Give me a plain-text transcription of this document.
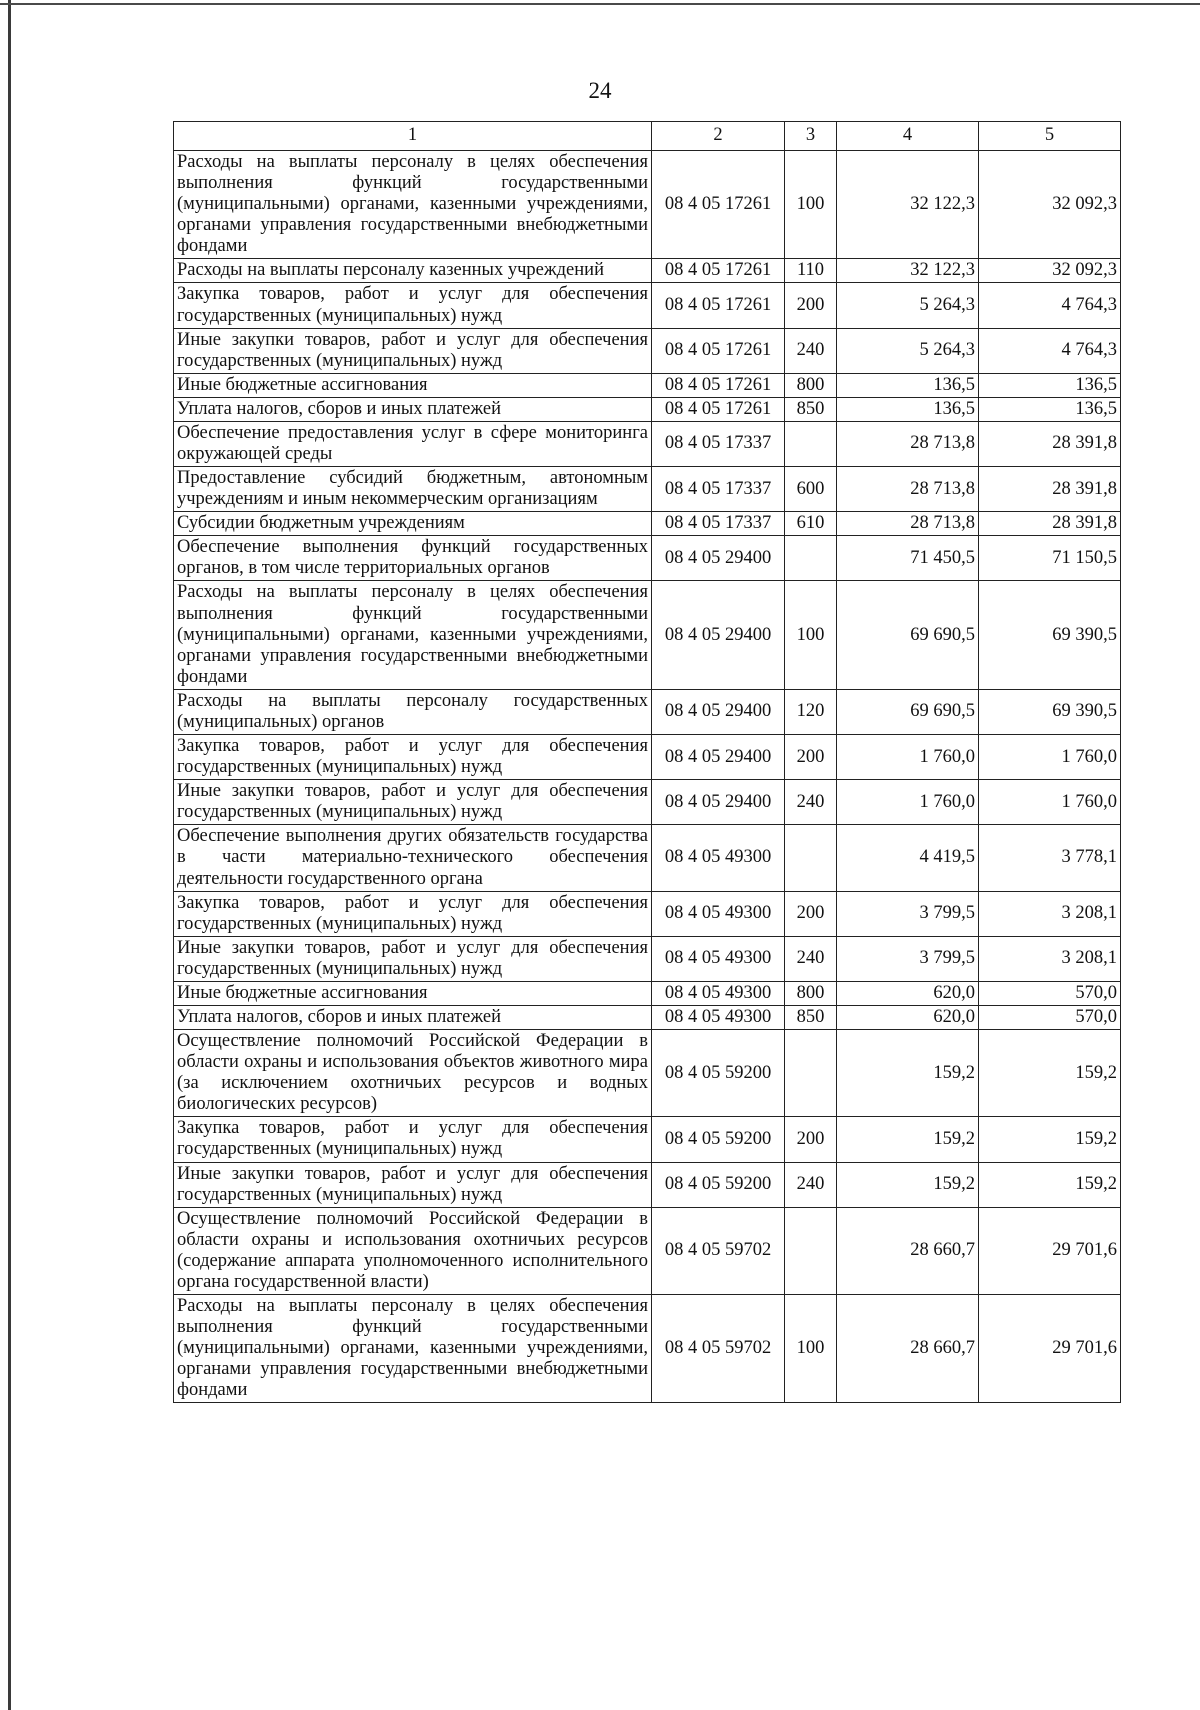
24
1	2	3	4	5
Расходы на выплаты персоналу в целях обеспечения выполнения функций государственными (муниципальными) органами, казенными учреждениями, органами управления государственными внебюджетными фондами	08 4 05 17261	100	32 122,3	32 092,3
Расходы на выплаты персоналу казенных учреждений	08 4 05 17261	110	32 122,3	32 092,3
Закупка товаров, работ и услуг для обеспечения государственных (муниципальных) нужд	08 4 05 17261	200	5 264,3	4 764,3
Иные закупки товаров, работ и услуг для обеспечения государственных (муниципальных) нужд	08 4 05 17261	240	5 264,3	4 764,3
Иные бюджетные ассигнования	08 4 05 17261	800	136,5	136,5
Уплата налогов, сборов и иных платежей	08 4 05 17261	850	136,5	136,5
Обеспечение предоставления услуг в сфере мониторинга окружающей среды	08 4 05 17337		28 713,8	28 391,8
Предоставление субсидий бюджетным, автономным учреждениям и иным некоммерческим организациям	08 4 05 17337	600	28 713,8	28 391,8
Субсидии бюджетным учреждениям	08 4 05 17337	610	28 713,8	28 391,8
Обеспечение выполнения функций государственных органов, в том числе территориальных органов	08 4 05 29400		71 450,5	71 150,5
Расходы на выплаты персоналу в целях обеспечения выполнения функций государственными (муниципальными) органами, казенными учреждениями, органами управления государственными внебюджетными фондами	08 4 05 29400	100	69 690,5	69 390,5
Расходы на выплаты персоналу государственных (муниципальных) органов	08 4 05 29400	120	69 690,5	69 390,5
Закупка товаров, работ и услуг для обеспечения государственных (муниципальных) нужд	08 4 05 29400	200	1 760,0	1 760,0
Иные закупки товаров, работ и услуг для обеспечения государственных (муниципальных) нужд	08 4 05 29400	240	1 760,0	1 760,0
Обеспечение выполнения других обязательств государства в части материально-технического обеспечения деятельности государственного органа	08 4 05 49300		4 419,5	3 778,1
Закупка товаров, работ и услуг для обеспечения государственных (муниципальных) нужд	08 4 05 49300	200	3 799,5	3 208,1
Иные закупки товаров, работ и услуг для обеспечения государственных (муниципальных) нужд	08 4 05 49300	240	3 799,5	3 208,1
Иные бюджетные ассигнования	08 4 05 49300	800	620,0	570,0
Уплата налогов, сборов и иных платежей	08 4 05 49300	850	620,0	570,0
Осуществление полномочий Российской Федерации в области охраны и использования объектов животного мира (за исключением охотничьих ресурсов и водных биологических ресурсов)	08 4 05 59200		159,2	159,2
Закупка товаров, работ и услуг для обеспечения государственных (муниципальных) нужд	08 4 05 59200	200	159,2	159,2
Иные закупки товаров, работ и услуг для обеспечения государственных (муниципальных) нужд	08 4 05 59200	240	159,2	159,2
Осуществление полномочий Российской Федерации в области охраны и использования охотничьих ресурсов (содержание аппарата уполномоченного исполнительного органа государственной власти)	08 4 05 59702		28 660,7	29 701,6
Расходы на выплаты персоналу в целях обеспечения выполнения функций государственными (муниципальными) органами, казенными учреждениями, органами управления государственными внебюджетными фондами	08 4 05 59702	100	28 660,7	29 701,6
